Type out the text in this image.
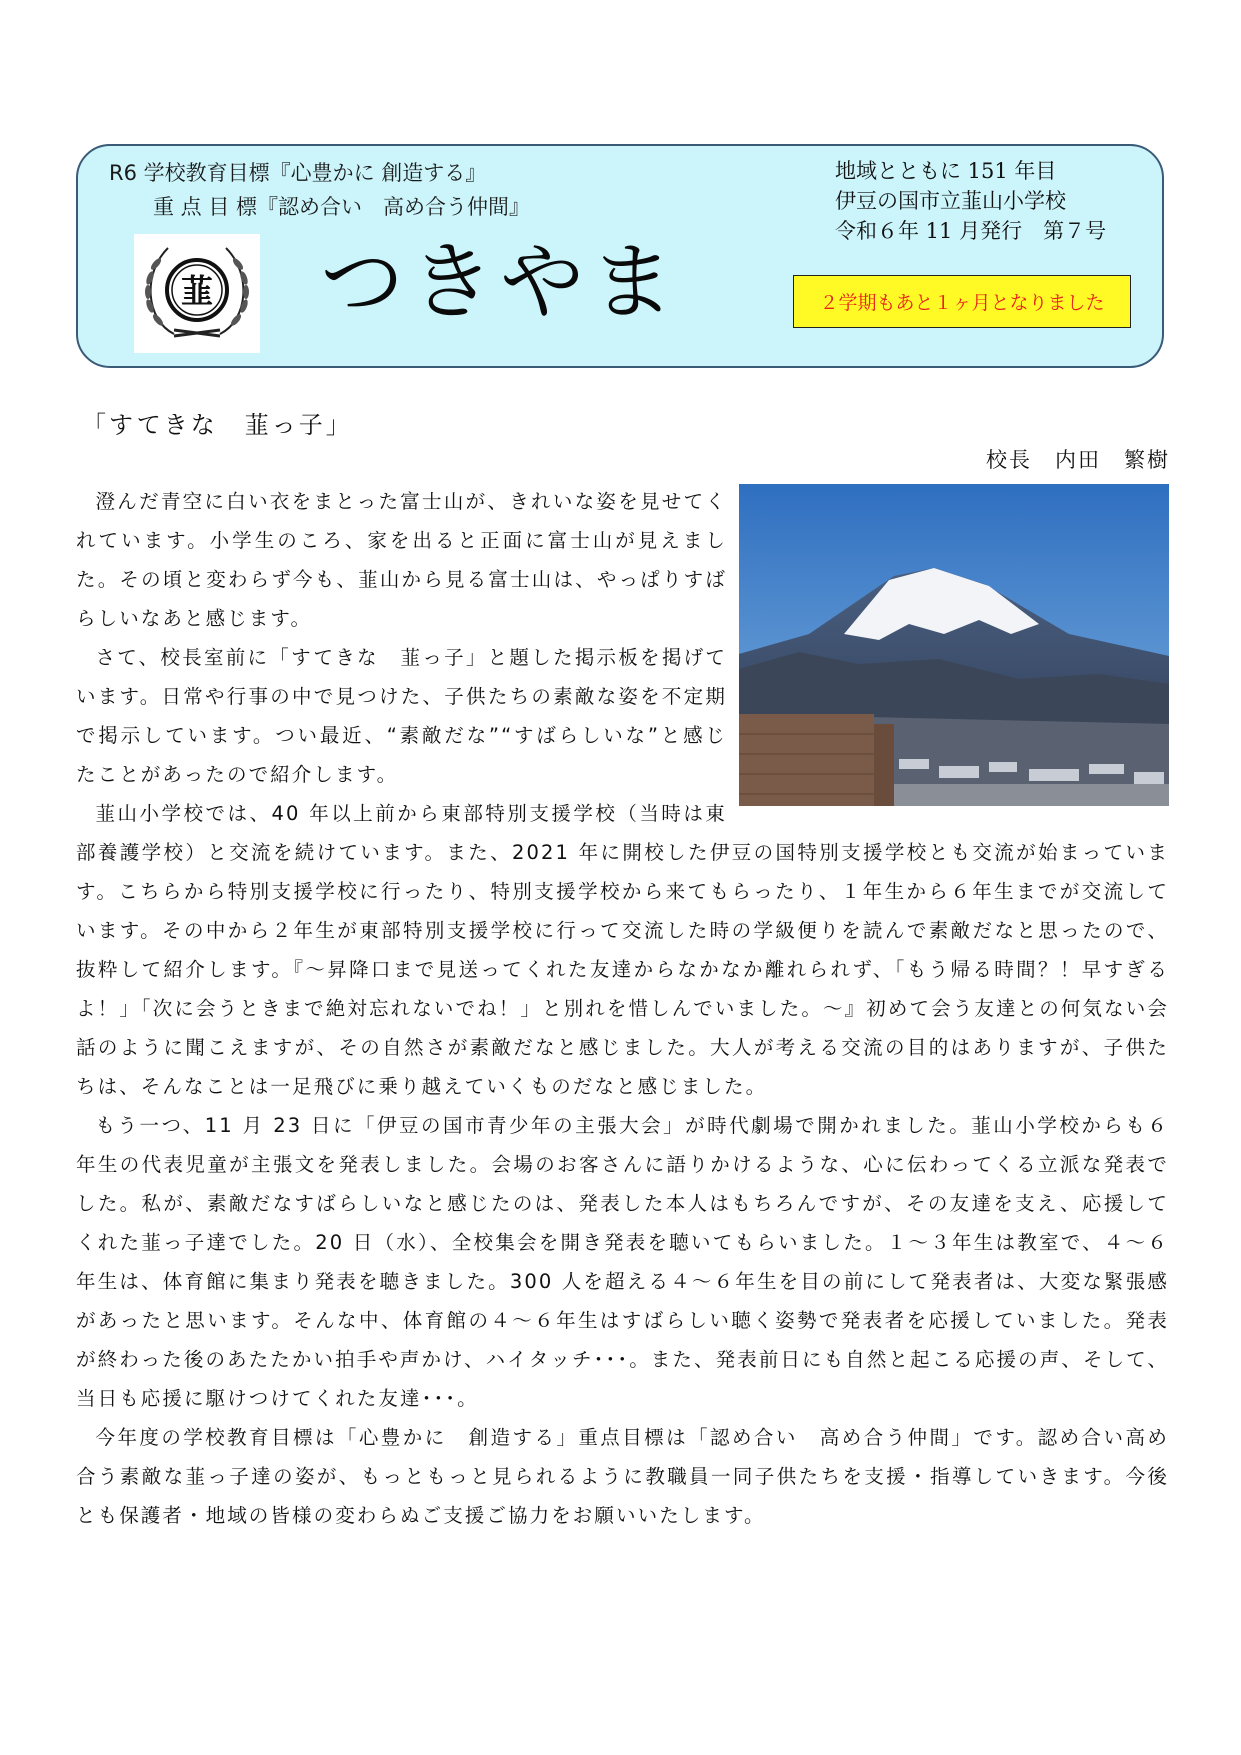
R6 学校教育目標『心豊かに 創造する』
重 点 目 標『認め合い　高め合う仲間』
韮 つきやま
地域とともに 151 年目
伊豆の国市立韮山小学校
令和６年 11 月発行　第７号
２学期もあと１ヶ月となりました
「すてきな　韮っ子」
校長　内田　繁樹

澄んだ青空に白い衣をまとった富士山が、きれいな姿を見せてくれています。小学生のころ、家を出ると正面に富士山が見えました。その頃と変わらず今も、韮山から見る富士山は、やっぱりすばらしいなあと感じます。

さて、校長室前に「すてきな　韮っ子」と題した掲示板を掲げています。日常や行事の中で見つけた、子供たちの素敵な姿を不定期で掲示しています。つい最近、“素敵だな”“すばらしいな”と感じたことがあったので紹介します。

韮山小学校では、40 年以上前から東部特別支援学校（当時は東部養護学校）と交流を続けています。また、2021 年に開校した伊豆の国特別支援学校とも交流が始まっています。こちらから特別支援学校に行ったり、特別支援学校から来てもらったり、１年生から６年生までが交流しています。その中から２年生が東部特別支援学校に行って交流した時の学級便りを読んで素敵だなと思ったので、抜粋して紹介します。『～昇降口まで見送ってくれた友達からなかなか離れられず、「もう帰る時間？！早すぎるよ！」「次に会うときまで絶対忘れないでね！」と別れを惜しんでいました。～』初めて会う友達との何気ない会話のように聞こえますが、その自然さが素敵だなと感じました。大人が考える交流の目的はありますが、子供たちは、そんなことは一足飛びに乗り越えていくものだなと感じました。

もう一つ、11 月 23 日に「伊豆の国市青少年の主張大会」が時代劇場で開かれました。韮山小学校からも６年生の代表児童が主張文を発表しました。会場のお客さんに語りかけるような、心に伝わってくる立派な発表でした。私が、素敵だなすばらしいなと感じたのは、発表した本人はもちろんですが、その友達を支え、応援してくれた韮っ子達でした。20 日（水）、全校集会を開き発表を聴いてもらいました。１～３年生は教室で、４～６年生は、体育館に集まり発表を聴きました。300 人を超える４～６年生を目の前にして発表者は、大変な緊張感があったと思います。そんな中、体育館の４～６年生はすばらしい聴く姿勢で発表者を応援していました。発表が終わった後のあたたかい拍手や声かけ、ハイタッチ･･･。また、発表前日にも自然と起こる応援の声、そして、当日も応援に駆けつけてくれた友達･･･。

今年度の学校教育目標は「心豊かに　創造する」重点目標は「認め合い　高め合う仲間」です。認め合い高め合う素敵な韮っ子達の姿が、もっともっと見られるように教職員一同子供たちを支援・指導していきます。今後とも保護者・地域の皆様の変わらぬご支援ご協力をお願いいたします。
